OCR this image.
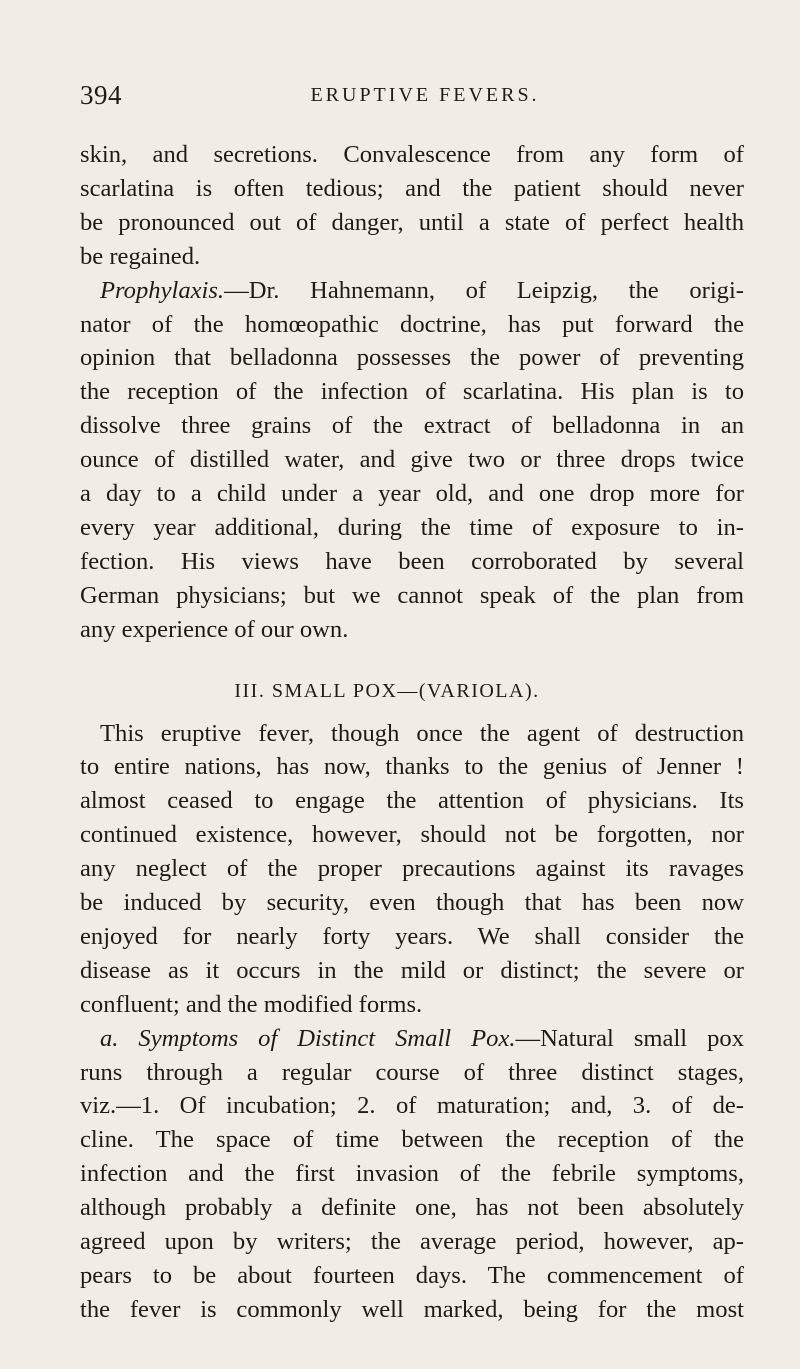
394	ERUPTIVE FEVERS.
skin, and secretions. Convalescence from any form of
scarlatina is often tedious; and the patient should never
be pronounced out of danger, until a state of perfect health
be regained.
Prophylaxis.—Dr. Hahnemann, of Leipzig, the origi-
nator of the homœopathic doctrine, has put forward the
opinion that belladonna possesses the power of preventing
the reception of the infection of scarlatina. His plan is to
dissolve three grains of the extract of belladonna in an
ounce of distilled water, and give two or three drops twice
a day to a child under a year old, and one drop more for
every year additional, during the time of exposure to in-
fection. His views have been corroborated by several
German physicians; but we cannot speak of the plan from
any experience of our own.
III. SMALL POX—(VARIOLA).
This eruptive fever, though once the agent of destruction
to entire nations, has now, thanks to the genius of Jenner !
almost ceased to engage the attention of physicians. Its
continued existence, however, should not be forgotten, nor
any neglect of the proper precautions against its ravages
be induced by security, even though that has been now
enjoyed for nearly forty years. We shall consider the
disease as it occurs in the mild or distinct; the severe or
confluent; and the modified forms.
a. Symptoms of Distinct Small Pox.—Natural small pox
runs through a regular course of three distinct stages,
viz.—1. Of incubation; 2. of maturation; and, 3. of de-
cline. The space of time between the reception of the
infection and the first invasion of the febrile symptoms,
although probably a definite one, has not been absolutely
agreed upon by writers; the average period, however, ap-
pears to be about fourteen days. The commencement of
the fever is commonly well marked, being for the most
